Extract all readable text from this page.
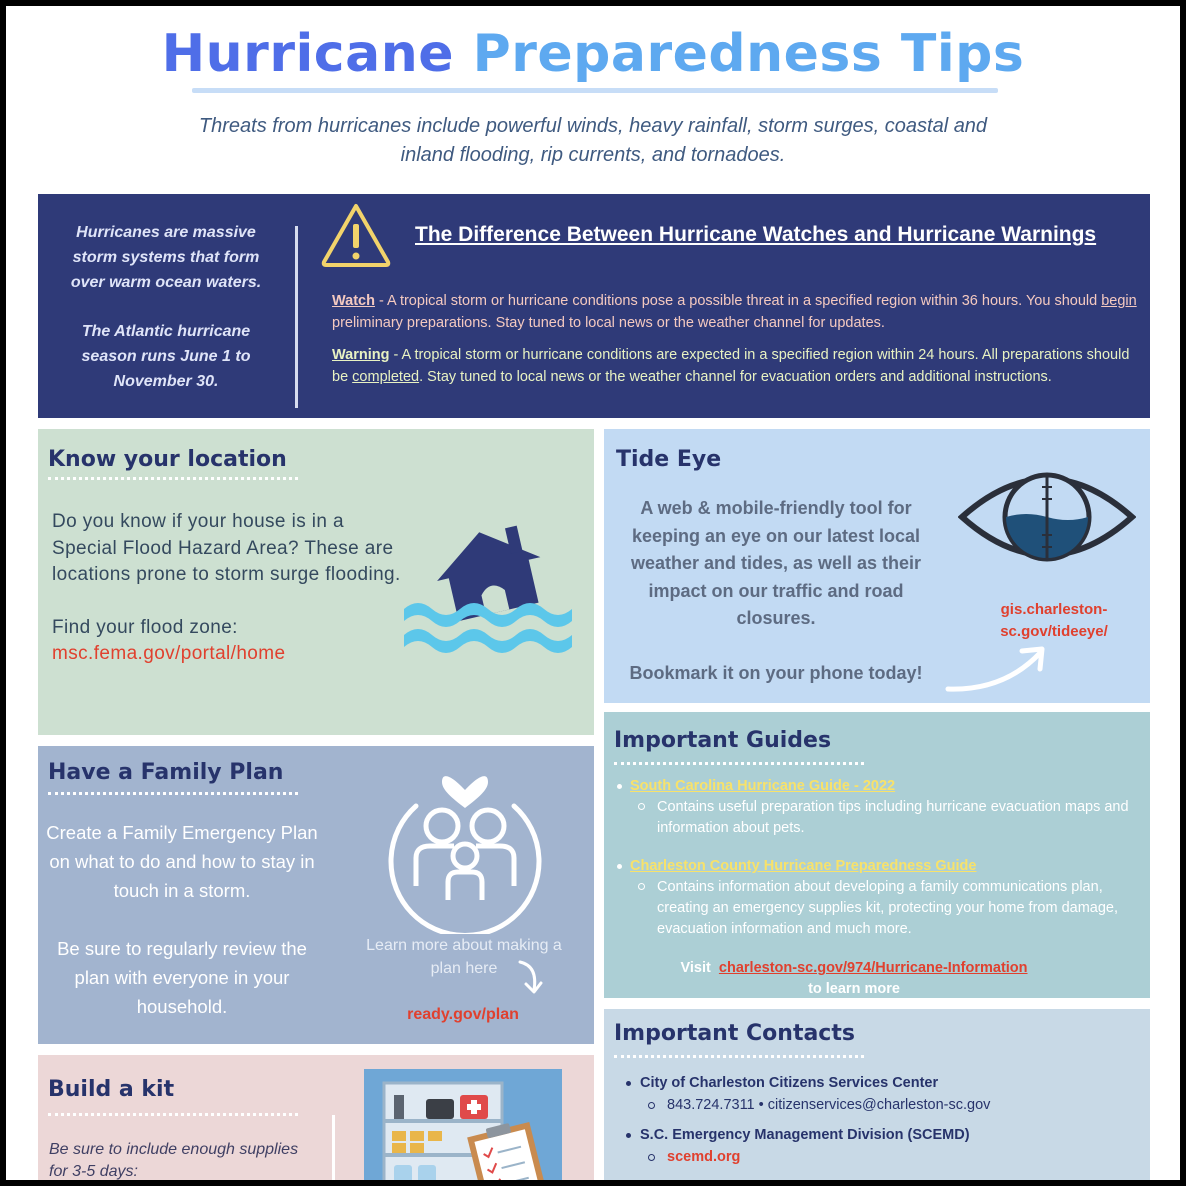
Hurricane Preparedness Tips

Threats from hurricanes include powerful winds, heavy rainfall, storm surges, coastal and inland flooding, rip currents, and tornadoes.

Hurricanes are massive storm systems that form over warm ocean waters.

The Atlantic hurricane season runs June 1 to November 30.

The Difference Between Hurricane Watches and Hurricane Warnings

Watch - A tropical storm or hurricane conditions pose a possible threat in a specified region within 36 hours. You should begin preliminary preparations. Stay tuned to local news or the weather channel for updates.

Warning - A tropical storm or hurricane conditions are expected in a specified region within 24 hours. All preparations should be completed. Stay tuned to local news or the weather channel for evacuation orders and additional instructions.

Know your location
Do you know if your house is in a Special Flood Hazard Area? These are locations prone to storm surge flooding.
Find your flood zone:
msc.fema.gov/portal/home
Tide Eye
A web & mobile-friendly tool for keeping an eye on our latest local weather and tides, as well as their impact on our traffic and road closures.
Bookmark it on your phone today!
gis.charleston-sc.gov/tideeye/
Have a Family Plan
Create a Family Emergency Plan on what to do and how to stay in touch in a storm.
Be sure to regularly review the plan with everyone in your household.
Learn more about making a plan here
ready.gov/plan
Build a kit
Be sure to include enough supplies for 3-5 days:
Important Guides
South Carolina Hurricane Guide - 2022
Contains useful preparation tips including hurricane evacuation maps and information about pets.
Charleston County Hurricane Preparedness Guide
Contains information about developing a family communications plan, creating an emergency supplies kit, protecting your home from damage, evacuation information and much more.
Visit charleston-sc.gov/974/Hurricane-Information
to learn more
Important Contacts
City of Charleston Citizens Services Center
843.724.7311 • citizenservices@charleston-sc.gov
S.C. Emergency Management Division (SCEMD)
scemd.org
